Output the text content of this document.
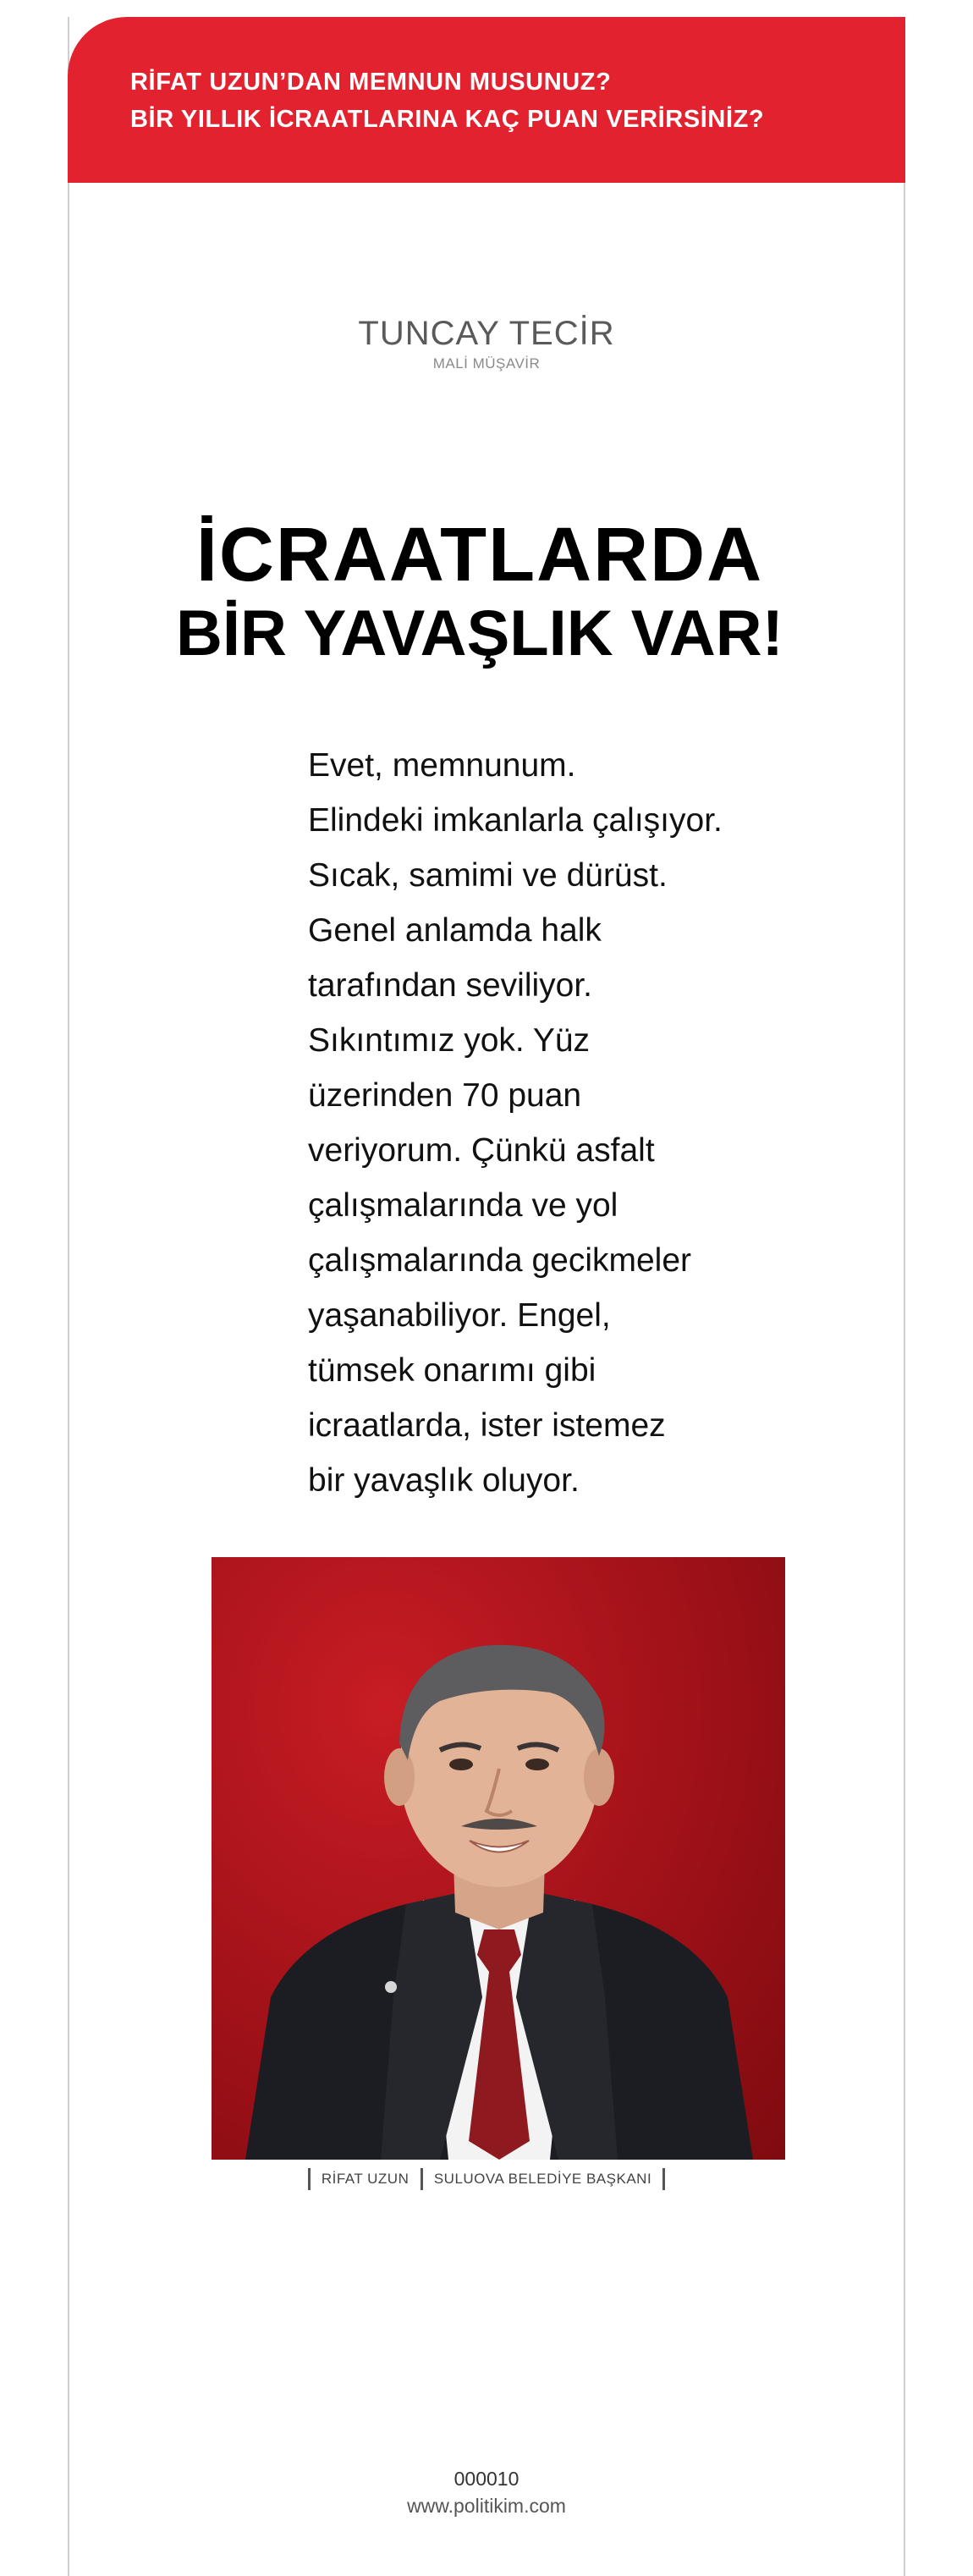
RİFAT UZUN’DAN MEMNUN MUSUNUZ?
BİR YILLIK İCRAATLARINA KAÇ PUAN VERİRSİNİZ?
TUNCAY TECİR
MALİ MÜŞAVİR
İCRAATLARDA
BİR YAVAŞLIK VAR!
Evet, memnunum.
Elindeki imkanlarla çalışıyor.
Sıcak, samimi ve dürüst.
Genel anlamda halk
tarafından seviliyor.
Sıkıntımız yok. Yüz
üzerinden 70 puan
veriyorum. Çünkü asfalt
çalışmalarında ve yol
çalışmalarında gecikmeler
yaşanabiliyor. Engel,
tümsek onarımı gibi
icraatlarda, ister istemez
bir yavaşlık oluyor.
RİFAT UZUN SULUOVA BELEDİYE BAŞKANI
000010
www.politikim.com
